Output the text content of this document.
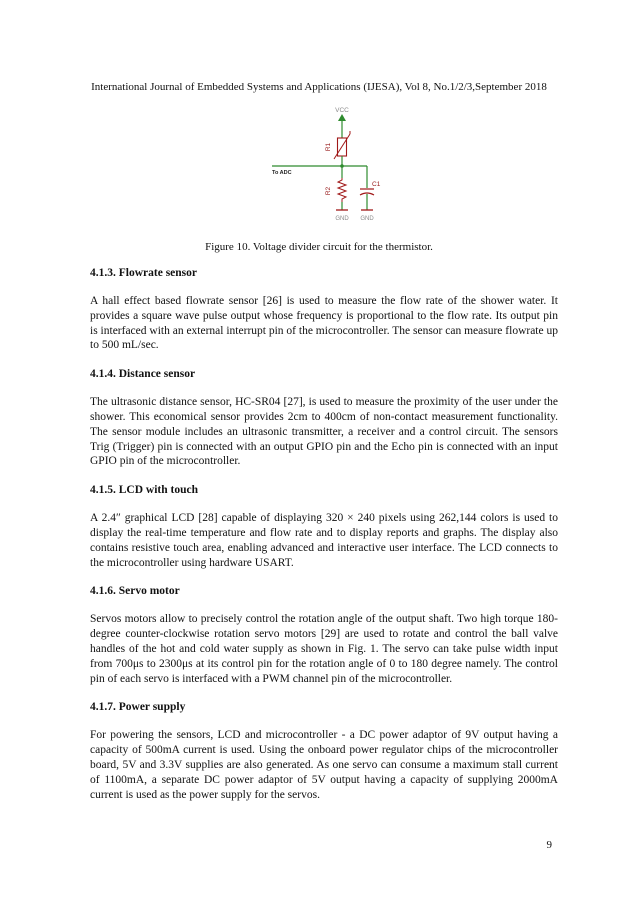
International Journal of Embedded Systems and Applications (IJESA), Vol 8, No.1/2/3,September 2018
VCC
R1
To ADC
R2
GND
C1
GND
Figure 10. Voltage divider circuit for the thermistor.
4.1.3. Flowrate sensor
A hall effect based flowrate sensor [26] is used to measure the flow rate of the shower water. It provides a square wave pulse output whose frequency is proportional to the flow rate. Its output pin is interfaced with an external interrupt pin of the microcontroller. The sensor can measure flowrate up to 500 mL/sec.
4.1.4. Distance sensor
The ultrasonic distance sensor, HC-SR04 [27], is used to measure the proximity of the user under the shower. This economical sensor provides 2cm to 400cm of non-contact measurement functionality. The sensor module includes an ultrasonic transmitter, a receiver and a control circuit. The sensors Trig (Trigger) pin is connected with an output GPIO pin and the Echo pin is connected with an input GPIO pin of the microcontroller.
4.1.5. LCD with touch
A 2.4″ graphical LCD [28] capable of displaying 320 × 240 pixels using 262,144 colors is used to display the real-time temperature and flow rate and to display reports and graphs. The display also contains resistive touch area, enabling advanced and interactive user interface. The LCD connects to the microcontroller using hardware USART.
4.1.6. Servo motor
Servos motors allow to precisely control the rotation angle of the output shaft. Two high torque 180-degree counter-clockwise rotation servo motors [29] are used to rotate and control the ball valve handles of the hot and cold water supply as shown in Fig. 1. The servo can take pulse width input from 700μs to 2300μs at its control pin for the rotation angle of 0 to 180 degree namely. The control pin of each servo is interfaced with a PWM channel pin of the microcontroller.
4.1.7. Power supply
For powering the sensors, LCD and microcontroller - a DC power adaptor of 9V output having a capacity of 500mA current is used. Using the onboard power regulator chips of the microcontroller board, 5V and 3.3V supplies are also generated. As one servo can consume a maximum stall current of 1100mA, a separate DC power adaptor of 5V output having a capacity of supplying 2000mA current is used as the power supply for the servos.
9
